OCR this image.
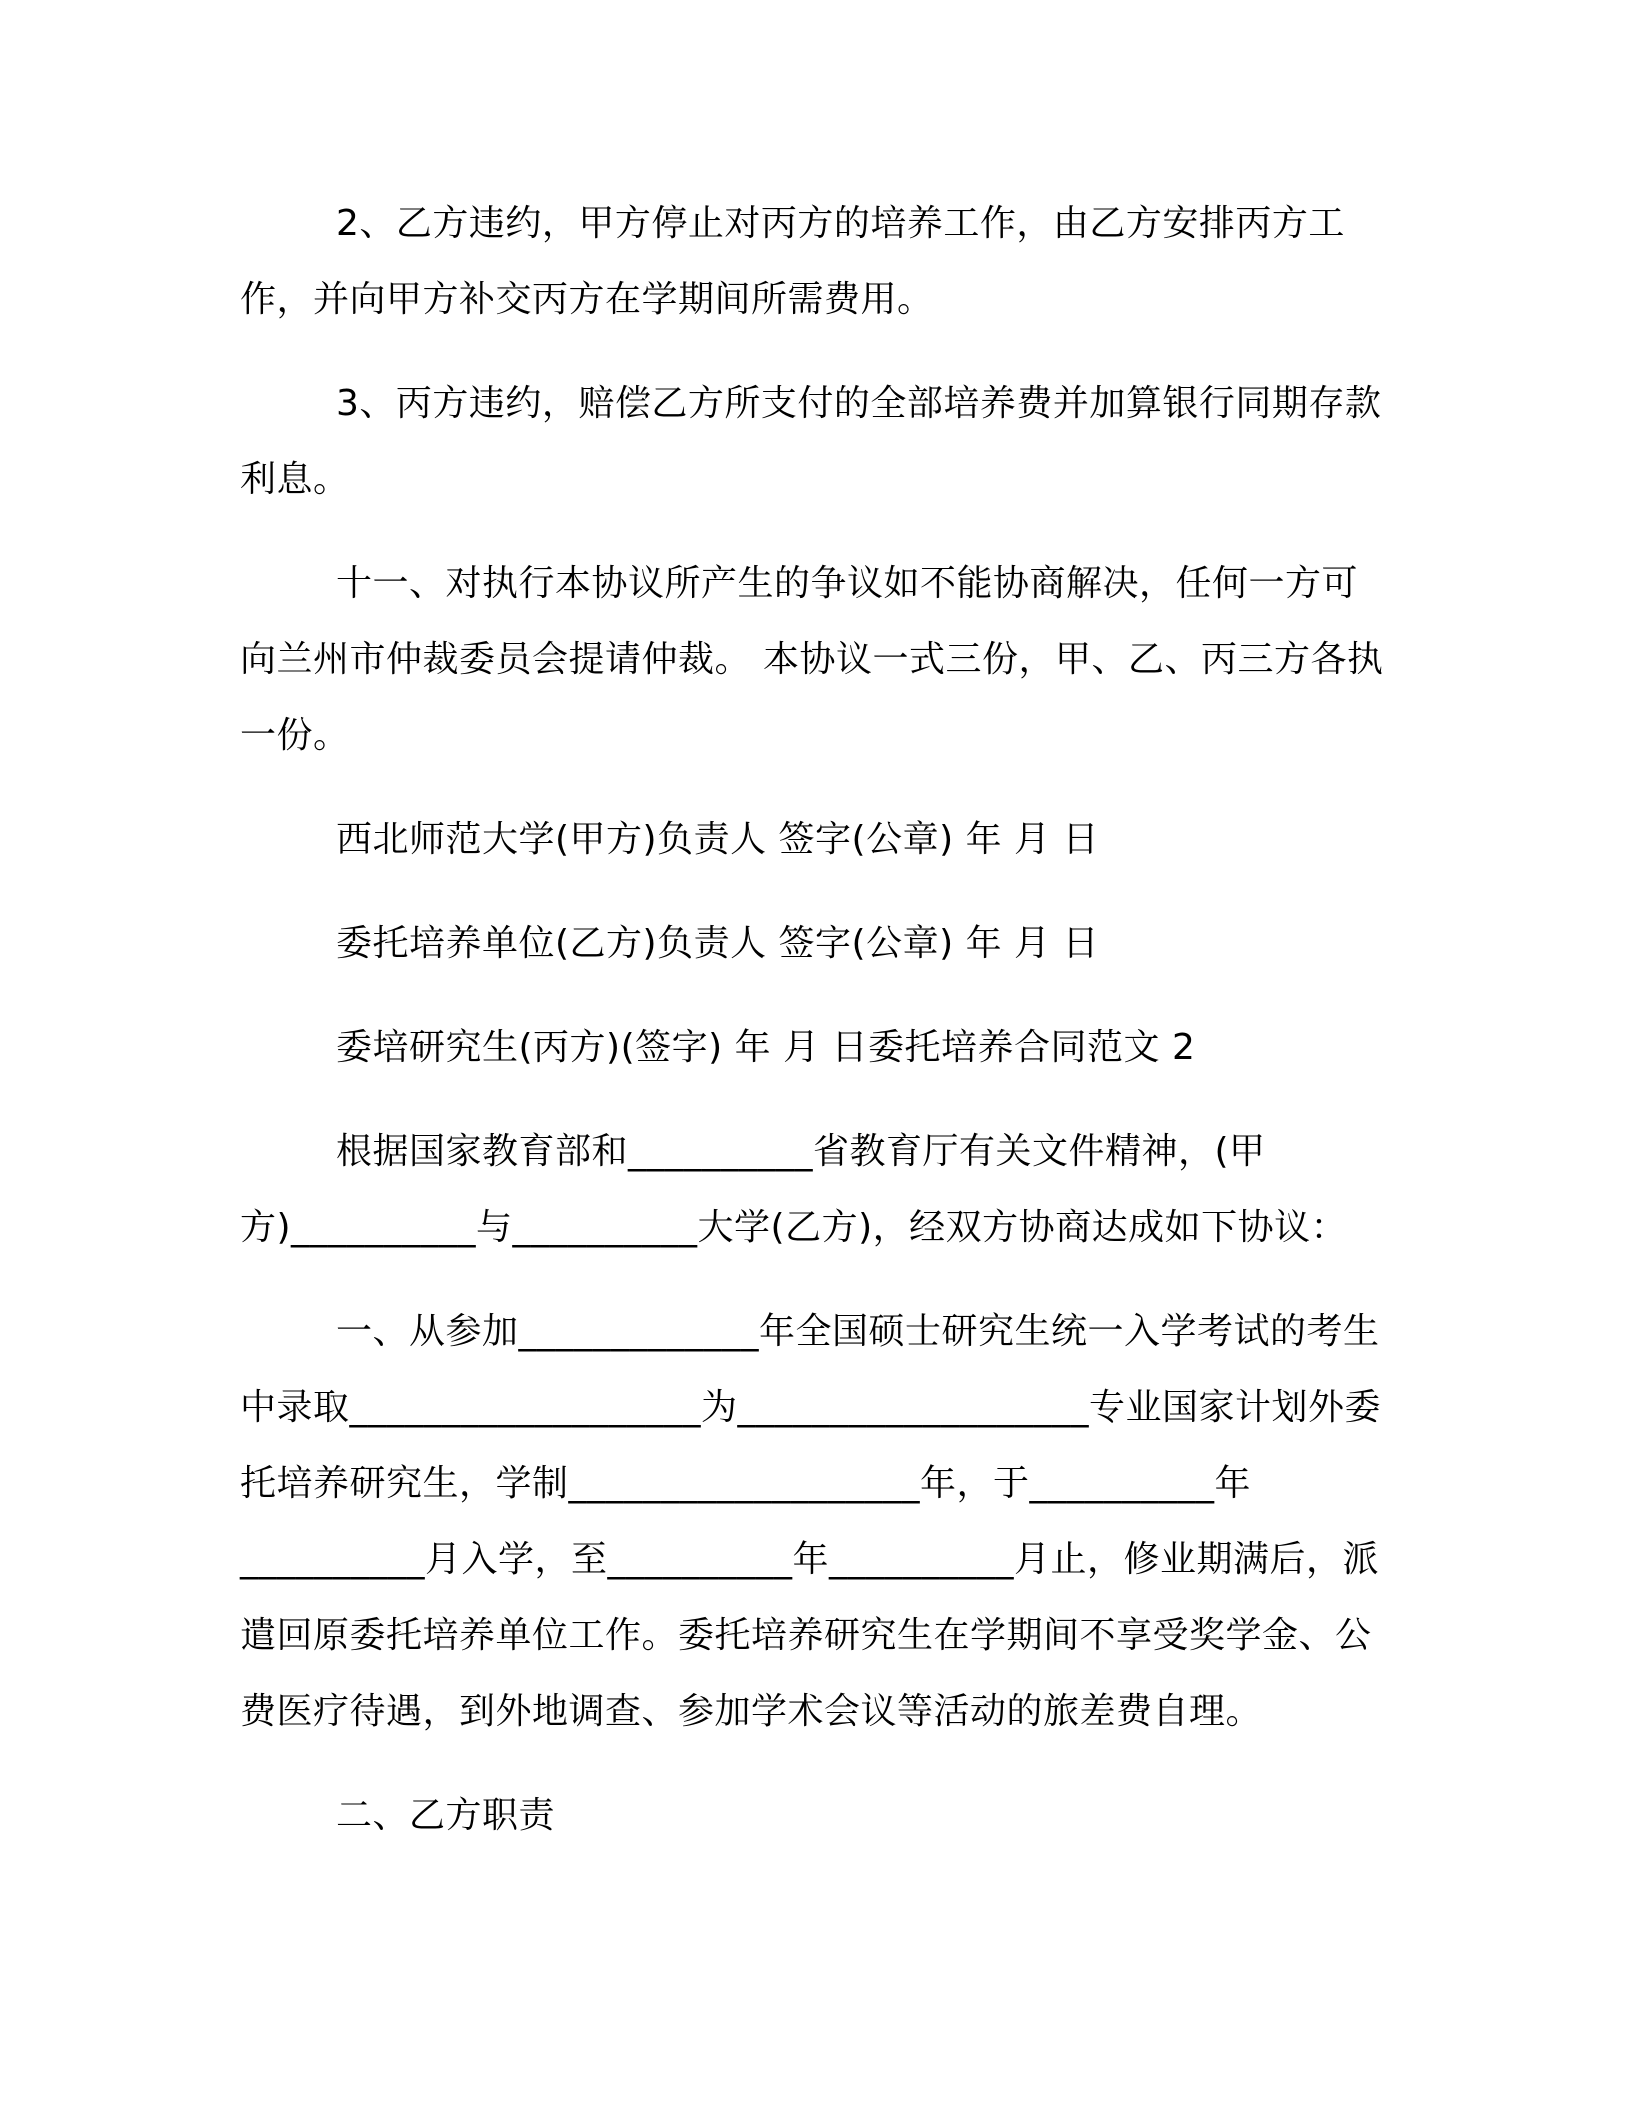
2、乙方违约，甲方停止对丙方的培养工作，由乙方安排丙方工作，并向甲方补交丙方在学期间所需费用。

3、丙方违约，赔偿乙方所支付的全部培养费并加算银行同期存款利息。

十一、对执行本协议所产生的争议如不能协商解决，任何一方可向兰州市仲裁委员会提请仲裁。 本协议一式三份，甲、乙、丙三方各执一份。

西北师范大学(甲方)负责人 签字(公章) 年 月 日

委托培养单位(乙方)负责人 签字(公章) 年 月 日

委培研究生(丙方)(签字) 年 月 日委托培养合同范文 2

根据国家教育部和__________省教育厅有关文件精神，(甲方)__________与__________大学(乙方)，经双方协商达成如下协议：

一、从参加_____________年全国硕士研究生统一入学考试的考生中录取___________________为___________________专业国家计划外委托培养研究生，学制___________________年，于__________年__________月入学，至__________年__________月止，修业期满后，派遣回原委托培养单位工作。委托培养研究生在学期间不享受奖学金、公费医疗待遇，到外地调查、参加学术会议等活动的旅差费自理。

二、乙方职责
